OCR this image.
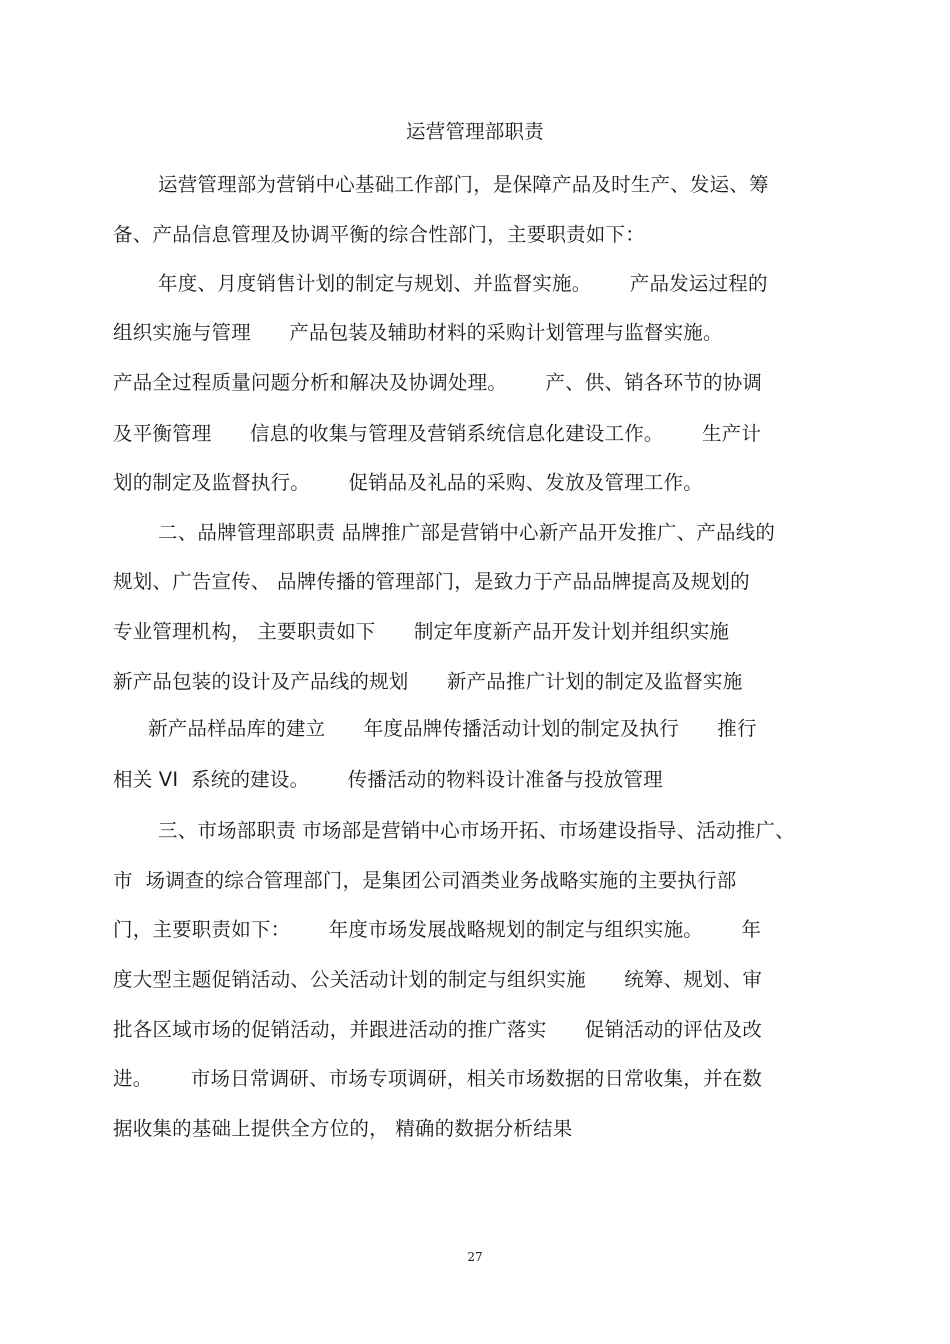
运营管理部职责
运营管理部为营销中心基础工作部门，是保障产品及时生产、发运、筹
备、产品信息管理及协调平衡的综合性部门，主要职责如下：
年度、月度销售计划的制定与规划、并监督实施。      产品发运过程的
组织实施与管理      产品包装及辅助材料的采购计划管理与监督实施。
产品全过程质量问题分析和解决及协调处理。      产、供、销各环节的协调
及平衡管理      信息的收集与管理及营销系统信息化建设工作。      生产计
划的制定及监督执行。      促销品及礼品的采购、发放及管理工作。
二、品牌管理部职责 品牌推广部是营销中心新产品开发推广、产品线的
规划、广告宣传、 品牌传播的管理部门，是致力于产品品牌提高及规划的
专业管理机构， 主要职责如下      制定年度新产品开发计划并组织实施
新产品包装的设计及产品线的规划      新产品推广计划的制定及监督实施
新产品样品库的建立      年度品牌传播活动计划的制定及执行      推行
相关 VI  系统的建设。      传播活动的物料设计准备与投放管理
三、市场部职责 市场部是营销中心市场开拓、市场建设指导、活动推广、
市  场调查的综合管理部门，是集团公司酒类业务战略实施的主要执行部
门，主要职责如下：      年度市场发展战略规划的制定与组织实施。      年
度大型主题促销活动、公关活动计划的制定与组织实施      统筹、规划、审
批各区域市场的促销活动，并跟进活动的推广落实      促销活动的评估及改
进。      市场日常调研、市场专项调研，相关市场数据的日常收集，并在数
据收集的基础上提供全方位的， 精确的数据分析结果
27
